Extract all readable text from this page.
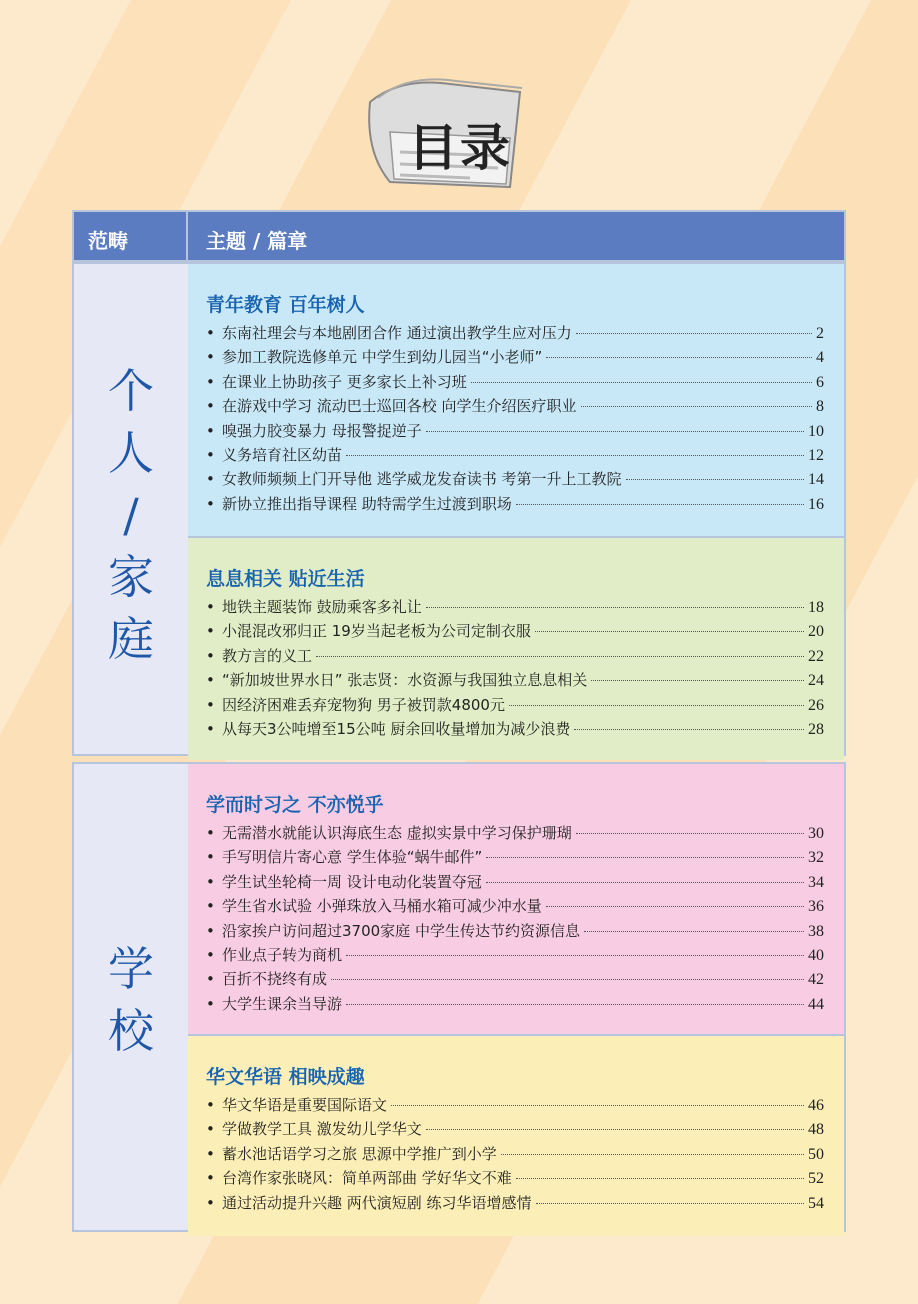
目录
范畴	主题 / 篇章
个
人
/
家
庭
青年教育 百年树人
• 东南社理会与本地剧团合作 通过演出教学生应对压力	2
• 参加工教院选修单元 中学生到幼儿园当“小老师”	4
• 在课业上协助孩子 更多家长上补习班	6
• 在游戏中学习 流动巴士巡回各校 向学生介绍医疗职业	8
• 嗅强力胶变暴力 母报警捉逆子	10
• 义务培育社区幼苗	12
• 女教师频频上门开导他 逃学威龙发奋读书 考第一升上工教院	14
• 新协立推出指导课程 助特需学生过渡到职场	16
息息相关 贴近生活
• 地铁主题装饰 鼓励乘客多礼让	18
• 小混混改邪归正 19岁当起老板为公司定制衣服	20
• 教方言的义工	22
• “新加坡世界水日” 张志贤：水资源与我国独立息息相关	24
• 因经济困难丢弃宠物狗 男子被罚款4800元	26
• 从每天3公吨增至15公吨 厨余回收量增加为减少浪费	28
学
校
学而时习之 不亦悦乎
• 无需潜水就能认识海底生态 虚拟实景中学习保护珊瑚	30
• 手写明信片寄心意 学生体验“蜗牛邮件”	32
• 学生试坐轮椅一周 设计电动化装置夺冠	34
• 学生省水试验 小弹珠放入马桶水箱可减少冲水量	36
• 沿家挨户访问超过3700家庭 中学生传达节约资源信息	38
• 作业点子转为商机	40
• 百折不挠终有成	42
• 大学生课余当导游	44
华文华语 相映成趣
• 华文华语是重要国际语文	46
• 学做教学工具 激发幼儿学华文	48
• 蓄水池话语学习之旅 思源中学推广到小学	50
• 台湾作家张晓风：简单两部曲 学好华文不难	52
• 通过活动提升兴趣 两代演短剧 练习华语增感情	54
